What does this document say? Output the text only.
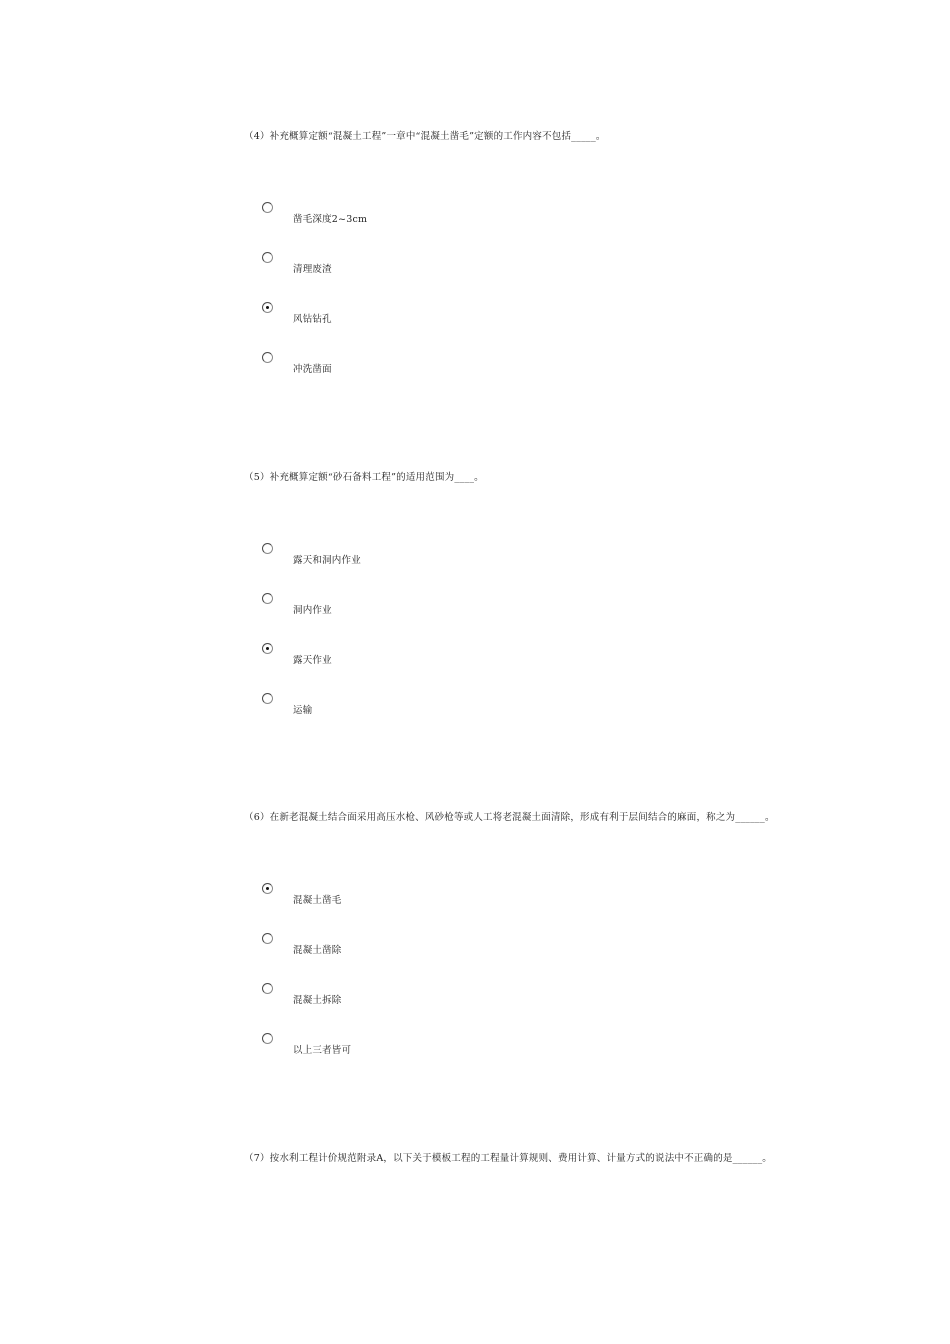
（4）补充概算定额“混凝土工程”一章中“混凝土凿毛”定额的工作内容不包括_____。
凿毛深度2~3cm
清理废渣
风钻钻孔
冲洗凿面
（5）补充概算定额“砂石备料工程”的适用范围为____。
露天和洞内作业
洞内作业
露天作业
运输
（6）在新老混凝土结合面采用高压水枪、风砂枪等或人工将老混凝土面清除，形成有利于层间结合的麻面，称之为______。
混凝土凿毛
混凝土凿除
混凝土拆除
以上三者皆可
（7）按水利工程计价规范附录A，以下关于模板工程的工程量计算规则、费用计算、计量方式的说法中不正确的是______。
